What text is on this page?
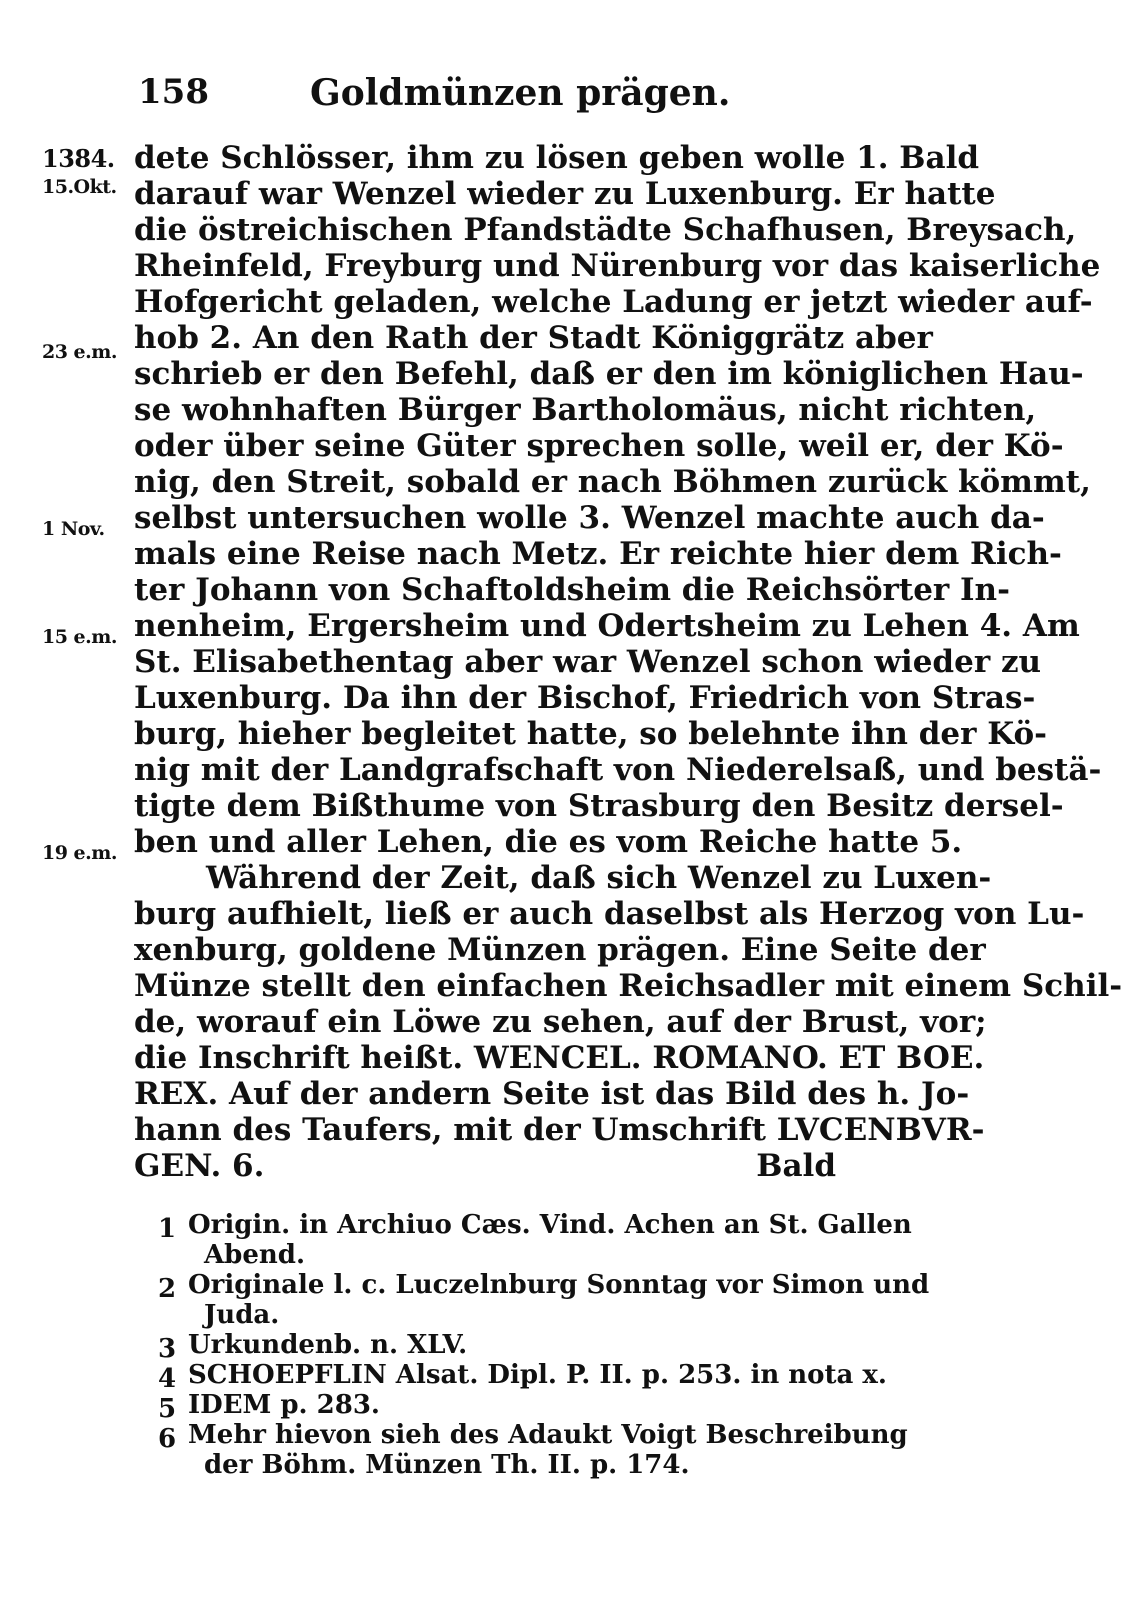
158	Goldmünzen prägen.
1384.
15.Okt.
23 e.m.
1 Nov.
15 e.m.
19 e.m.
dete Schlösser, ihm zu lösen geben wolle 1. Bald
darauf war Wenzel wieder zu Luxenburg. Er hatte
die östreichischen Pfandstädte Schafhusen, Breysach,
Rheinfeld, Freyburg und Nürenburg vor das kaiserliche
Hofgericht geladen, welche Ladung er jetzt wieder auf-
hob 2. An den Rath der Stadt Königgrätz aber
schrieb er den Befehl, daß er den im königlichen Hau-
se wohnhaften Bürger Bartholomäus, nicht richten,
oder über seine Güter sprechen solle, weil er, der Kö-
nig, den Streit, sobald er nach Böhmen zurück kömmt,
selbst untersuchen wolle 3. Wenzel machte auch da-
mals eine Reise nach Metz. Er reichte hier dem Rich-
ter Johann von Schaftoldsheim die Reichsörter In-
nenheim, Ergersheim und Odertsheim zu Lehen 4. Am
St. Elisabethentag aber war Wenzel schon wieder zu
Luxenburg. Da ihn der Bischof, Friedrich von Stras-
burg, hieher begleitet hatte, so belehnte ihn der Kö-
nig mit der Landgrafschaft von Niederelsaß, und bestä-
tigte dem Bißthume von Strasburg den Besitz dersel-
ben und aller Lehen, die es vom Reiche hatte 5.
Während der Zeit, daß sich Wenzel zu Luxen-
burg aufhielt, ließ er auch daselbst als Herzog von Lu-
xenburg, goldene Münzen prägen. Eine Seite der
Münze stellt den einfachen Reichsadler mit einem Schil-
de, worauf ein Löwe zu sehen, auf der Brust, vor;
die Inschrift heißt. WENCEL. ROMANO. ET BOE.
REX. Auf der andern Seite ist das Bild des h. Jo-
hann des Taufers, mit der Umschrift LVCENBVR-
GEN. 6.	Bald
1 Origin. in Archiuo Cæs. Vind. Achen an St. Gallen
Abend.
2 Originale l. c. Luczelnburg Sonntag vor Simon und
Juda.
3 Urkundenb. n. XLV.
4 SCHOEPFLIN Alsat. Dipl. P. II. p. 253. in nota x.
5 IDEM p. 283.
6 Mehr hievon sieh des Adaukt Voigt Beschreibung
der Böhm. Münzen Th. II. p. 174.
